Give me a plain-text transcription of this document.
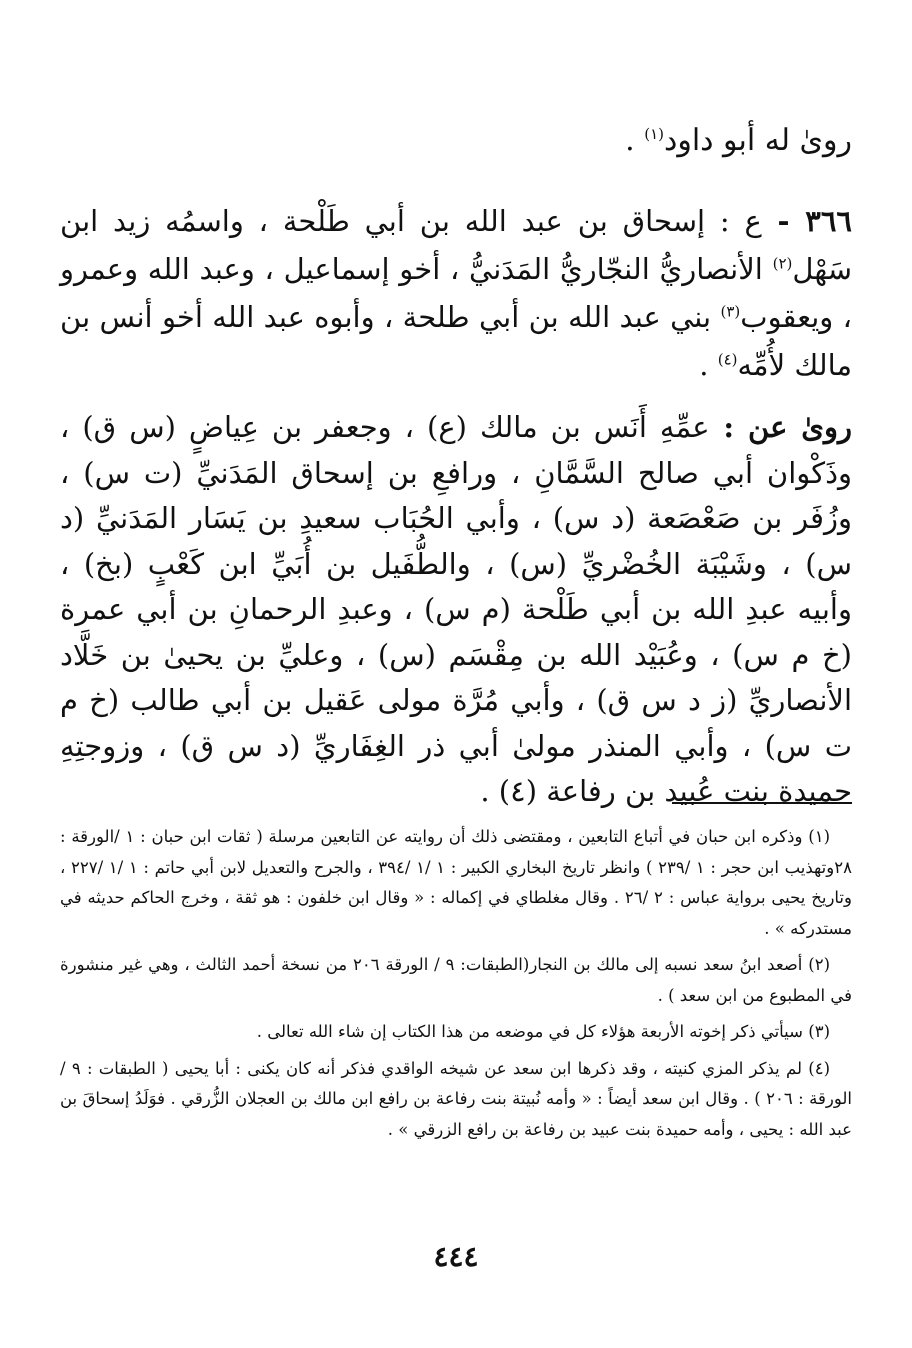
روىٰ له أبو داود$^{(١)}$ .

٣٦٦ - ع : إسحاق بن عبد الله بن أبي طَلْحة ، واسمُه زيد ابن سَهْل$^{(٢)}$ الأنصاريُّ النجّاريُّ المَدَنيُّ ، أخو إسماعيل ، وعبد الله وعمرو ، ويعقوب$^{(٣)}$ بني عبد الله بن أبي طلحة ، وأبوه عبد الله أخو أنس بن مالك لأُمِّه$^{(٤)}$ .

روىٰ عن : عمِّهِ أَنَس بن مالك (ع) ، وجعفر بن عِياضٍ (س ق) ، وذَكْوان أبي صالح السَّمَّانِ ، ورافعِ بن إسحاق المَدَنيِّ (ت س) ، وزُفَر بن صَعْصَعة (د س) ، وأبي الحُبَاب سعيدِ بن يَسَار المَدَنيِّ (د س) ، وشَيْبَة الخُضْريِّ (س) ، والطُّفَيل بن أُبَيِّ ابن كَعْبٍ (بخ) ، وأبيه عبدِ الله بن أبي طَلْحة (م س) ، وعبدِ الرحمانِ بن أبي عمرة (خ م س) ، وعُبَيْد الله بن مِقْسَم (س) ، وعليِّ بن يحيىٰ بن خَلَّاد الأنصاريِّ (ز د س ق) ، وأبي مُرَّة مولى عَقيل بن أبي طالب (خ م ت س) ، وأبي المنذر مولىٰ أبي ذر الغِفَاريِّ (د س ق) ، وزوجتِهِ حميدة بنت عُبيد بن رفاعة (٤) .

(١) وذكره ابن حبان في أتباع التابعين ، ومقتضى ذلك أن روايته عن التابعين مرسلة ( ثقات ابن حبان : ١ /الورقة : ٢٨وتهذيب ابن حجر : ١ /٢٣٩ ) وانظر تاريخ البخاري الكبير : ١ /١ /٣٩٤ ، والجرح والتعديل لابن أبي حاتم : ١ /١ /٢٢٧ ، وتاريخ يحيى برواية عباس : ٢ /٢٦ . وقال مغلطاي في إكماله : « وقال ابن خلفون : هو ثقة ، وخرج الحاكم حديثه في مستدركه » .

(٢) أصعد ابنُ سعد نسبه إلى مالك بن النجار(الطبقات: ٩ / الورقة ٢٠٦ من نسخة أحمد الثالث ، وهي غير منشورة في المطبوع من ابن سعد ) .

(٣) سيأتي ذكر إخوته الأربعة هؤلاء كل في موضعه من هذا الكتاب إن شاء الله تعالى .

(٤) لم يذكر المزي كنيته ، وقد ذكرها ابن سعد عن شيخه الواقدي فذكر أنه كان يكنى : أبا يحيى ( الطبقات : ٩ /الورقة : ٢٠٦ ) . وقال ابن سعد أيضاً : « وأمه نُبيتة بنت رفاعة بن رافع ابن مالك بن العجلان الزُّرقي . فوَلَدُ إسحاقَ بن عبد الله : يحيى ، وأمه حميدة بنت عبيد بن رفاعة بن رافع الزرقي » .

٤٤٤
